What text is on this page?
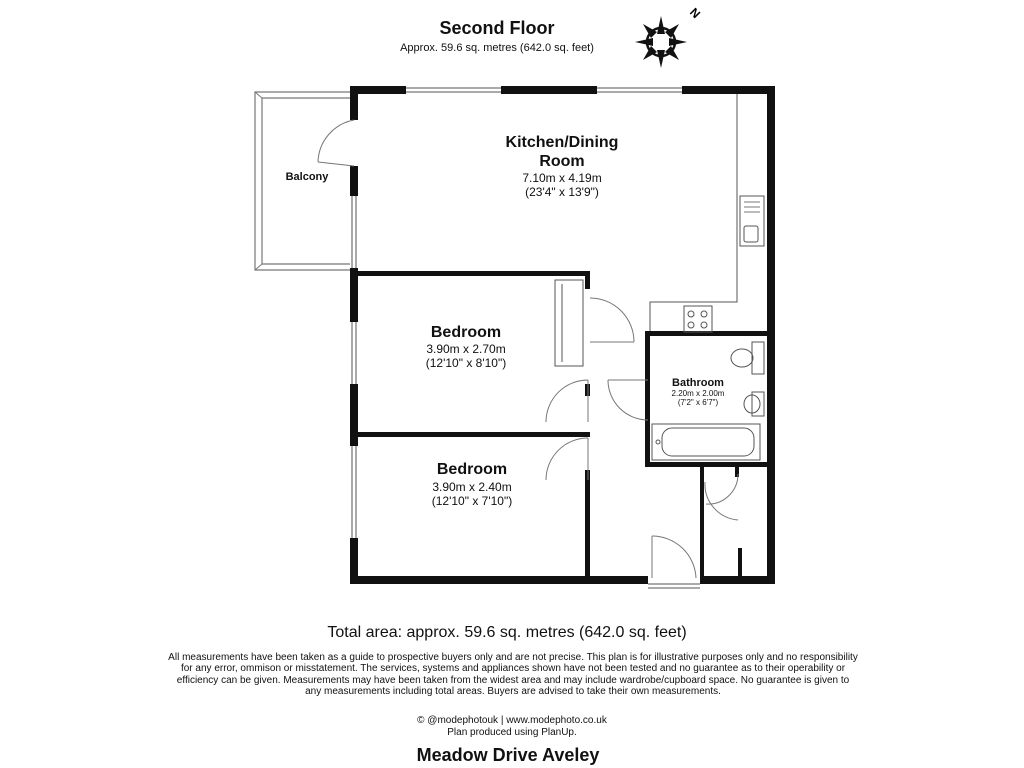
Second Floor
Approx. 59.6 sq. metres (642.0 sq. feet)
N
Balcony
Kitchen/Dining
Room
7.10m x 4.19m
(23'4" x 13'9")
Bedroom
3.90m x 2.70m
(12'10" x 8'10")
Bedroom
3.90m x 2.40m
(12'10" x 7'10")
Bathroom
2.20m x 2.00m
(7'2" x 6'7")
Total area: approx. 59.6 sq. metres (642.0 sq. feet)
All measurements have been taken as a guide to prospective buyers only and are not precise. This plan is for illustrative purposes only and no responsibility for any error, ommison or misstatement. The services, systems and appliances shown have not been tested and no guarantee as to their operability or efficiency can be given. Measurements may have been taken from the widest area and may include wardrobe/cupboard space. No guarantee is given to any measurements including total areas. Buyers are advised to take their own measurements.
© @modephotouk | www.modephoto.co.uk
Plan produced using PlanUp.
Meadow Drive Aveley
